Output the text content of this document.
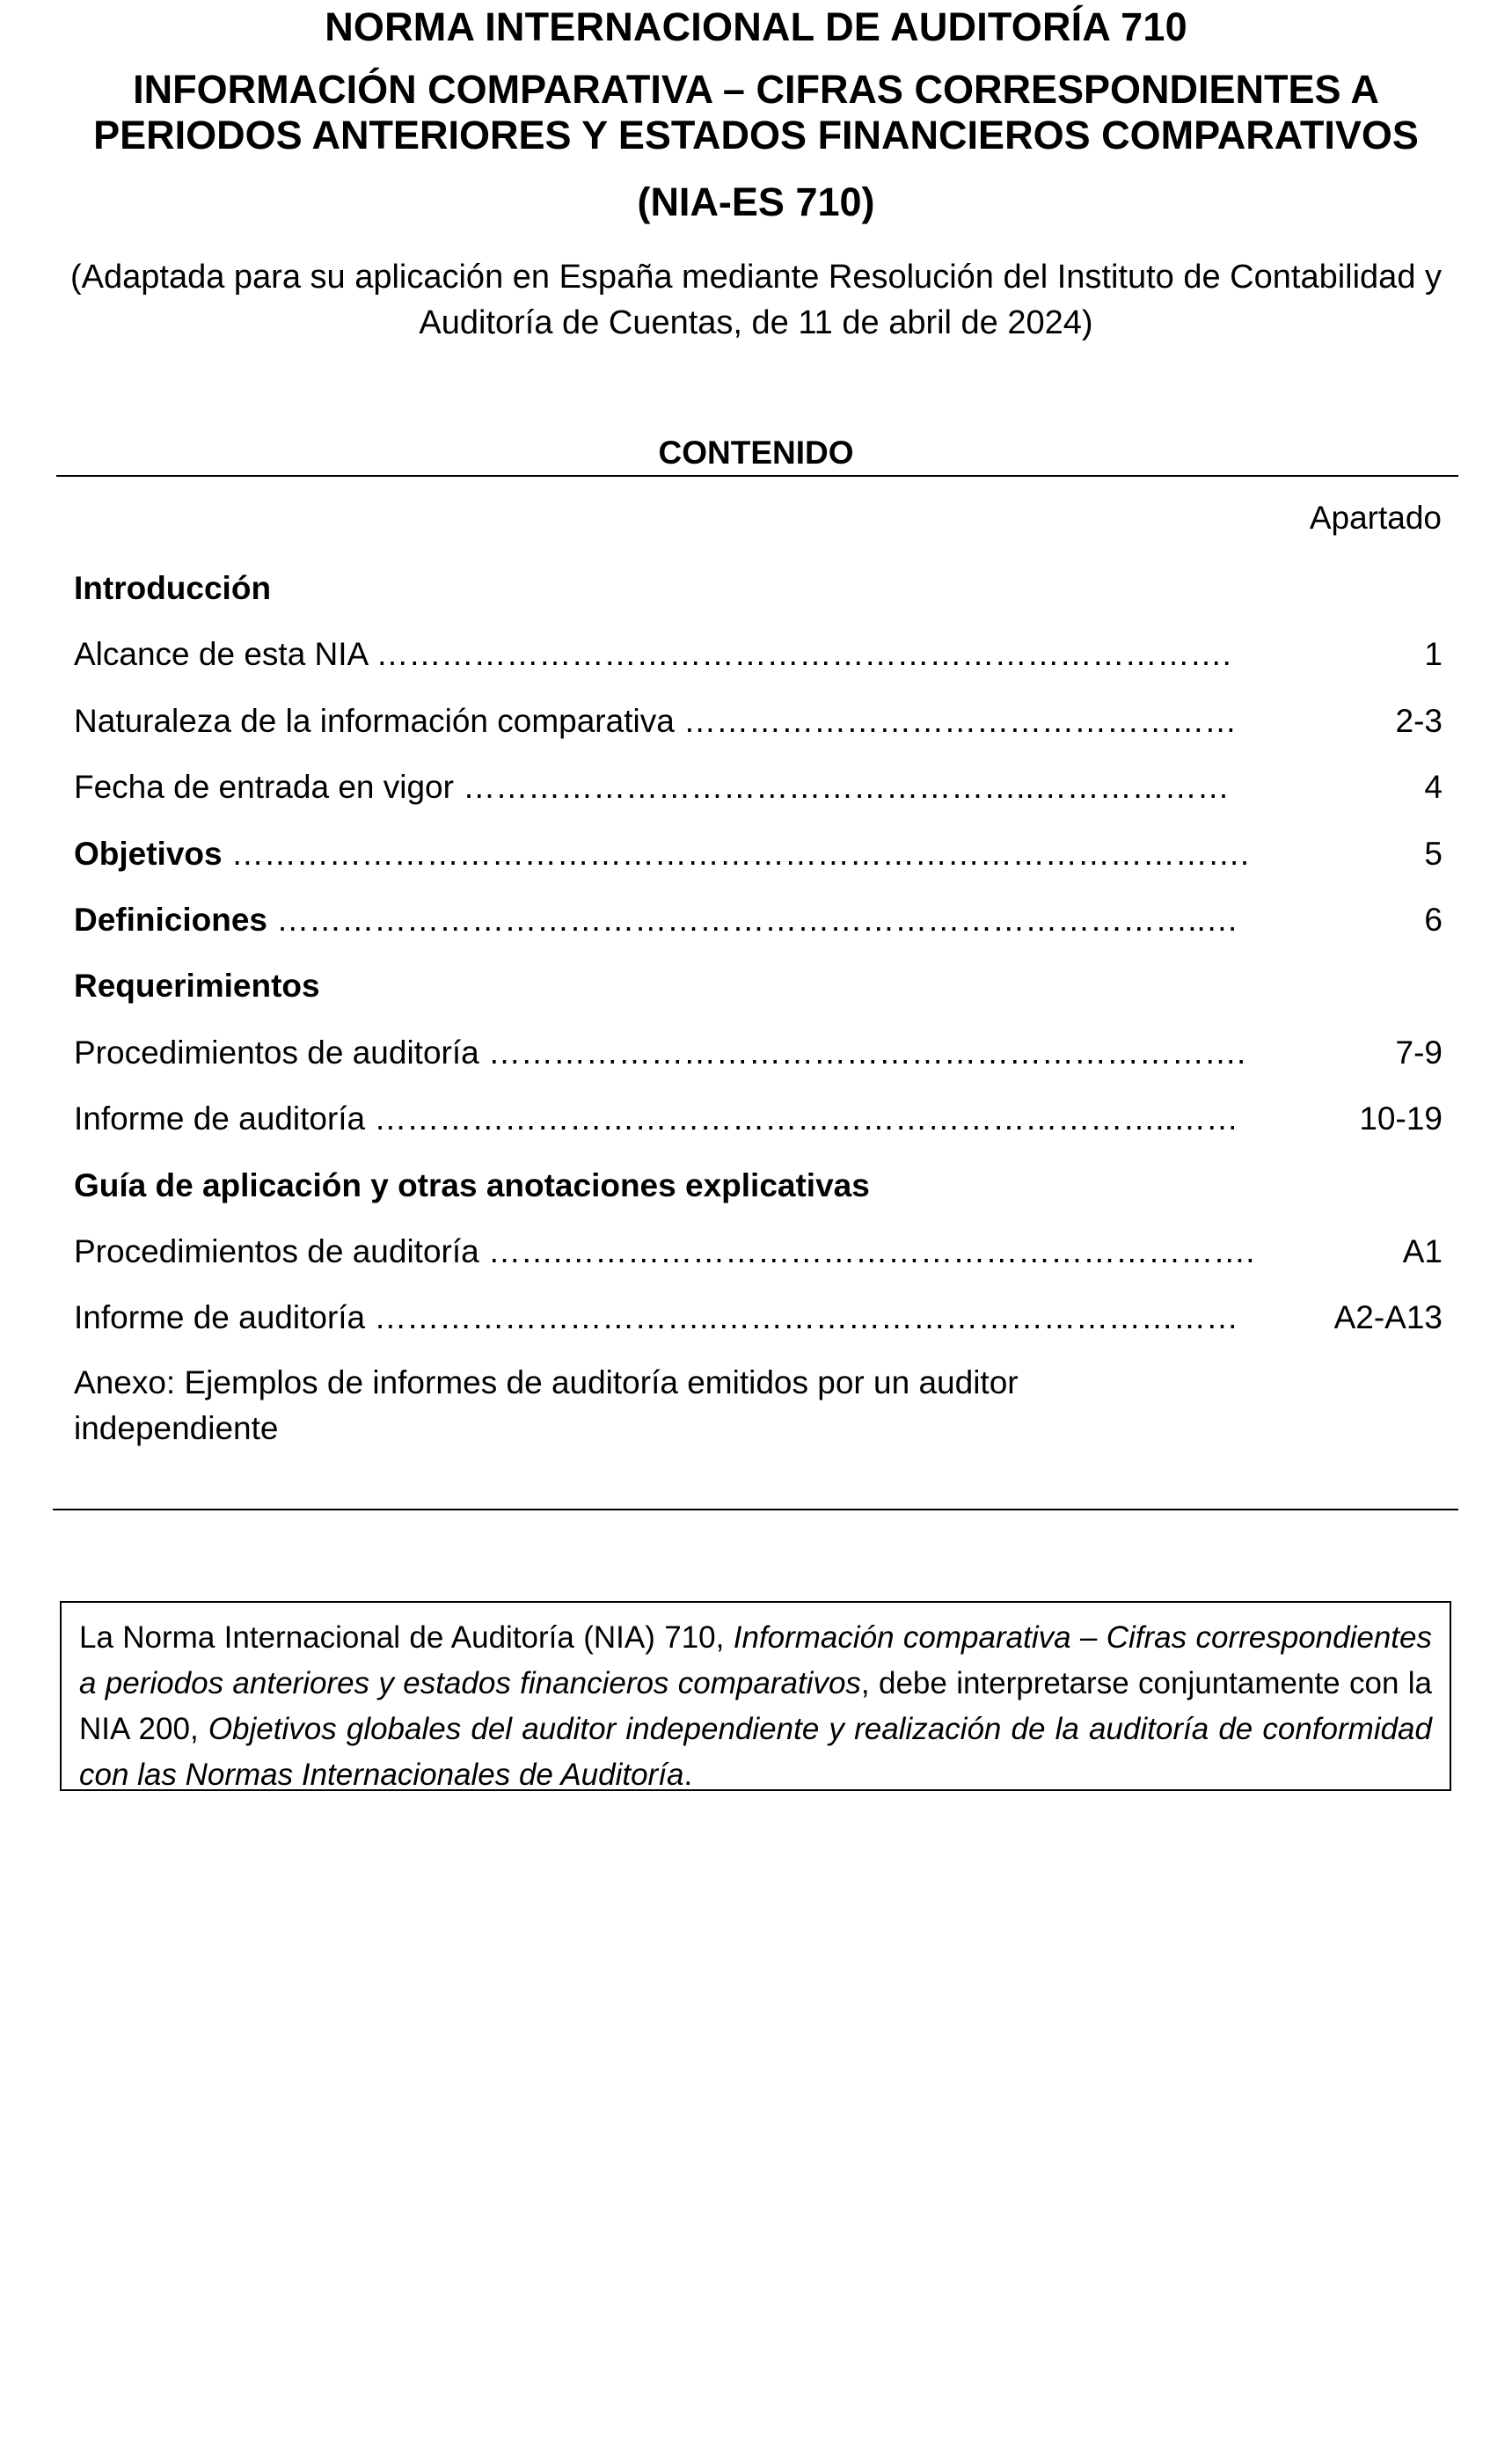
NORMA INTERNACIONAL DE AUDITORÍA 710

INFORMACIÓN COMPARATIVA – CIFRAS CORRESPONDIENTES A

PERIODOS ANTERIORES Y ESTADOS FINANCIEROS COMPARATIVOS

(NIA-ES 710)

(Adaptada para su aplicación en España mediante Resolución del Instituto de Contabilidad y

Auditoría de Cuentas, de 11 de abril de 2024)

CONTENIDO
Apartado
Introducción
Alcance de esta NIA …………………………………………………………………….	1
Naturaleza de la información comparativa ……………………………………………	2-3
Fecha de entrada en vigor ……………………………………………..………………	4
Objetivos ………………………………………………………………………………….	5
Definiciones …………………………………………………………………………..…	6
Requerimientos
Procedimientos de auditoría …………………………………………………………….	7-9
Informe de auditoría ………………………………………………………………..……	10-19
Guía de aplicación y otras anotaciones explicativas
Procedimientos de auditoría …….……………………………………………………….	A1
Informe de auditoría …………………………..…………………………………………	A2-A13
Anexo: Ejemplos de informes de auditoría emitidos por un auditor
independiente
La Norma Internacional de Auditoría (NIA) 710, Información comparativa – Cifras correspondientes a periodos anteriores y estados financieros comparativos, debe interpretarse conjuntamente con la NIA 200, Objetivos globales del auditor independiente y realización de la auditoría de conformidad con las Normas Internacionales de Auditoría.
